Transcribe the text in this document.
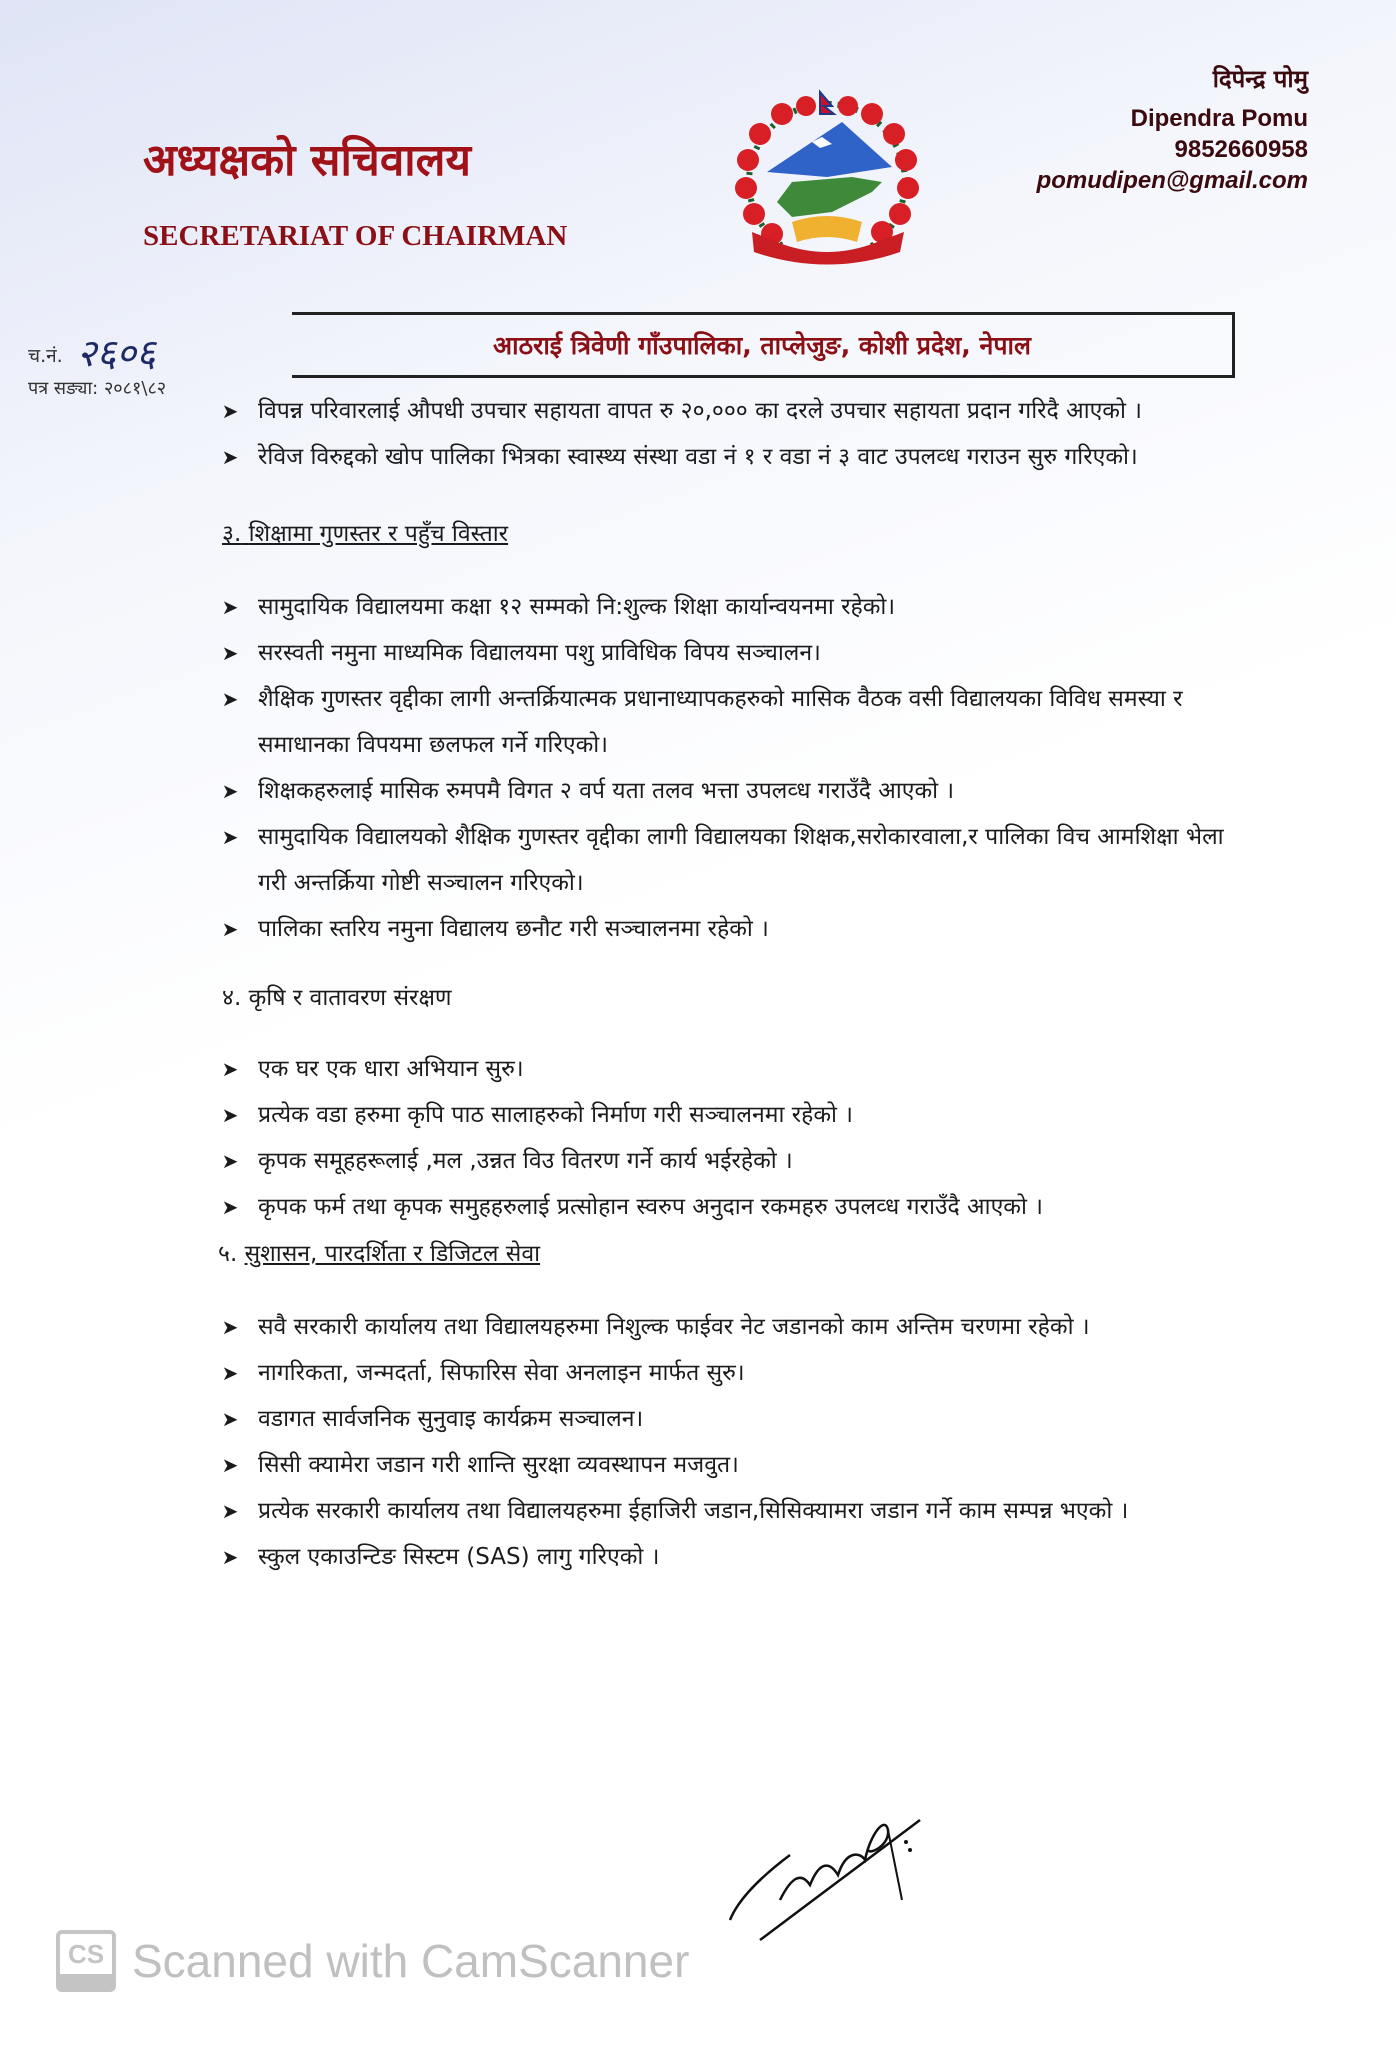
अध्यक्षको सचिवालय
SECRETARIAT OF CHAIRMAN
दिपेन्द्र पोमु
Dipendra Pomu
9852660958
pomudipen@gmail.com
च.नं. २६०६
पत्र सङ्या: २०८१\८२
आठराई त्रिवेणी गाँउपालिका, ताप्लेजुङ, कोशी प्रदेश, नेपाल
➤ विपन्न परिवारलाई औपधी उपचार सहायता वापत रु २०,००० का दरले उपचार सहायता प्रदान गरिदै आएको ।
➤ रेविज विरुद्दको खोप पालिका भित्रका स्वास्थ्य संस्था वडा नं १ र वडा नं ३ वाट उपलव्ध गराउन सुरु गरिएको।
३. शिक्षामा गुणस्तर र पहुँच विस्तार
➤ सामुदायिक विद्यालयमा कक्षा १२ सम्मको नि:शुल्क शिक्षा कार्यान्वयनमा रहेको।
➤ सरस्वती नमुना माध्यमिक विद्यालयमा पशु प्राविधिक विपय सञ्चालन।
➤ शैक्षिक गुणस्तर वृद्दीका लागी अन्तर्क्रियात्मक प्रधानाध्यापकहरुको मासिक वैठक वसी विद्यालयका विविध समस्या र समाधानका विपयमा छलफल गर्ने गरिएको।
➤ शिक्षकहरुलाई मासिक रुमपमै विगत २ वर्प यता तलव भत्ता उपलव्ध गराउँदै आएको ।
➤ सामुदायिक विद्यालयको शैक्षिक गुणस्तर वृद्दीका लागी विद्यालयका शिक्षक,सरोकारवाला,र पालिका विच आमशिक्षा भेला गरी अन्तर्क्रिया गोष्टी सञ्चालन गरिएको।
➤ पालिका स्तरिय नमुना विद्यालय छनौट गरी सञ्चालनमा रहेको ।
४. कृषि र वातावरण संरक्षण
➤ एक घर एक धारा अभियान सुरु।
➤ प्रत्येक वडा हरुमा कृपि पाठ सालाहरुको निर्माण गरी सञ्चालनमा रहेको ।
➤ कृपक समूहहरूलाई ,मल ,उन्नत विउ वितरण गर्ने कार्य भईरहेको ।
➤ कृपक फर्म तथा कृपक समुहहरुलाई प्रत्सोहान स्वरुप अनुदान रकमहरु उपलव्ध गराउँदै आएको ।
५. सुशासन, पारदर्शिता र डिजिटल सेवा
➤ सवै सरकारी कार्यालय तथा विद्यालयहरुमा निशुल्क फाईवर नेट जडानको काम अन्तिम चरणमा रहेको ।
➤ नागरिकता, जन्मदर्ता, सिफारिस सेवा अनलाइन मार्फत सुरु।
➤ वडागत सार्वजनिक सुनुवाइ कार्यक्रम सञ्चालन।
➤ सिसी क्यामेरा जडान गरी शान्ति सुरक्षा व्यवस्थापन मजवुत।
➤ प्रत्येक सरकारी कार्यालय तथा विद्यालयहरुमा ईहाजिरी जडान,सिसिक्यामरा जडान गर्ने काम सम्पन्न भएको ।
➤ स्कुल एकाउन्टिङ सिस्टम (SAS) लागु गरिएको ।
CS Scanned with CamScanner
